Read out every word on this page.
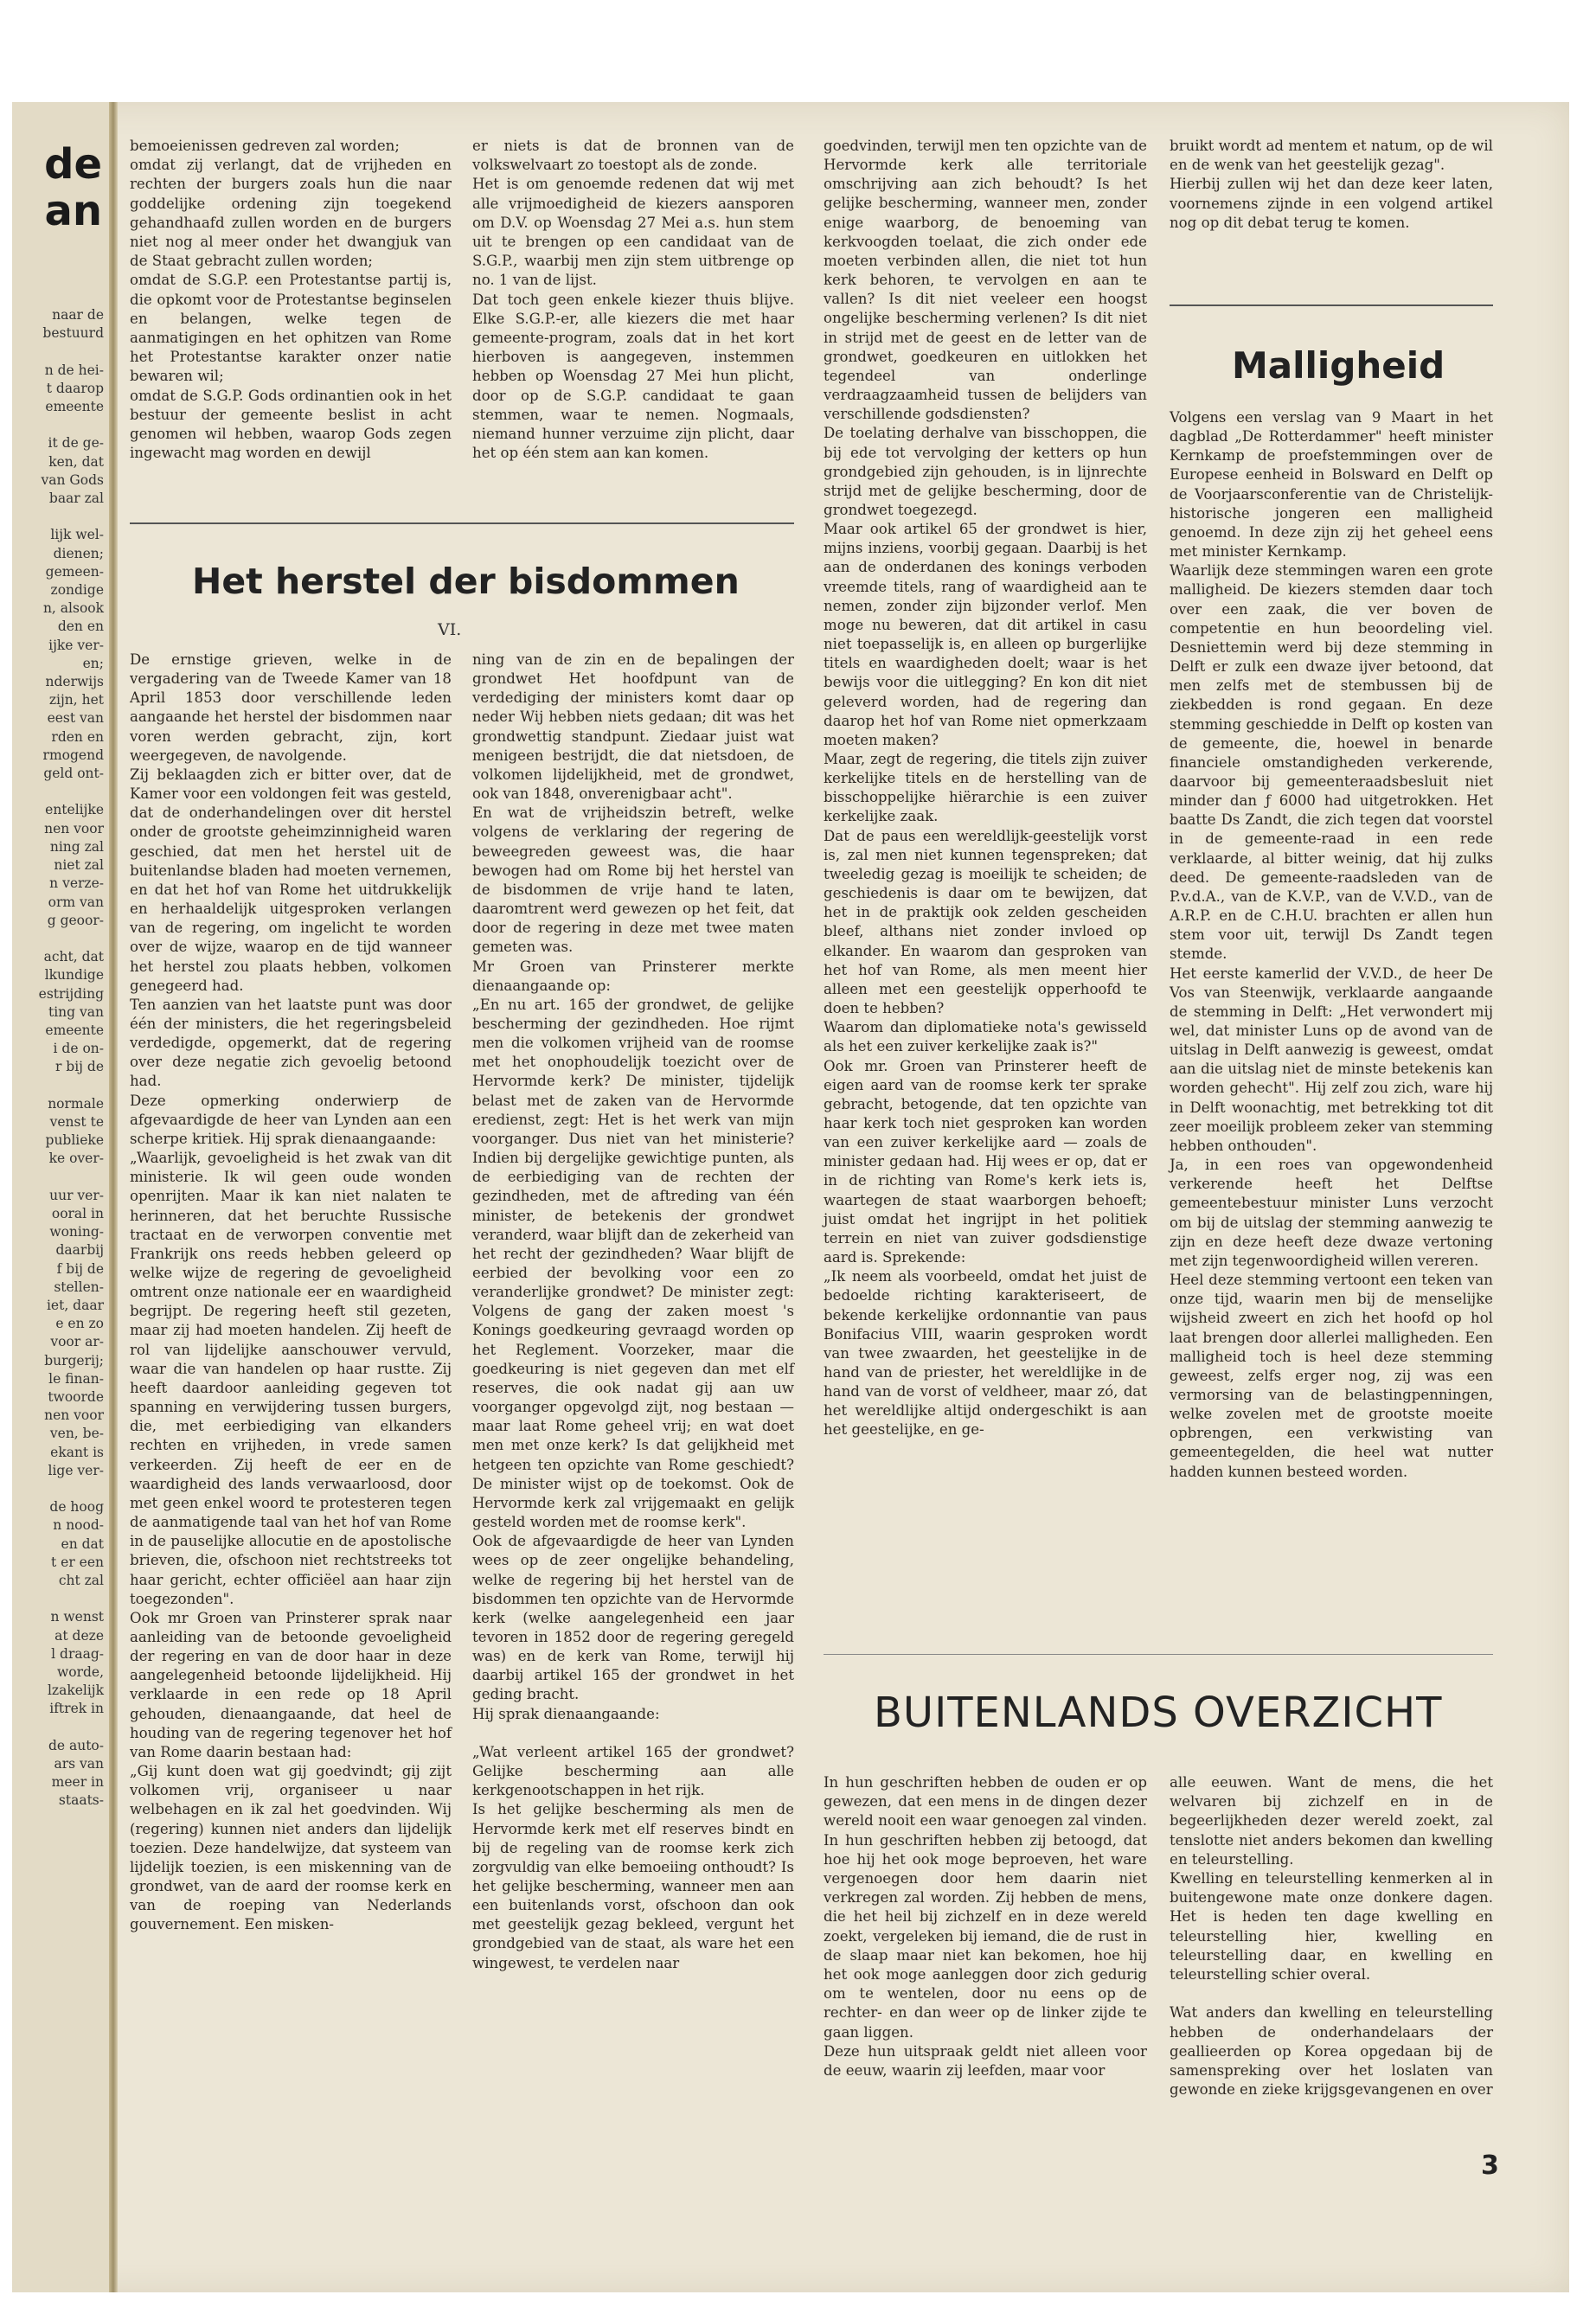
de
an
naar de
bestuurd

n de hei-
t daarop
emeente

it de ge-
ken, dat
van Gods
baar zal

lijk wel-
dienen;
gemeen-
zondige
n, alsook
den en
ijke ver-
en;
nderwijs
zijn, het
eest van
rden en
rmogend
geld ont-

entelijke
nen voor
ning zal
niet zal
n verze-
orm van
g geoor-

acht, dat
lkundige
estrijding
ting van
emeente
i de on-
r bij de

normale
venst te
publieke
ke over-

uur ver-
ooral in
woning-
daarbij
f bij de
stellen-
iet, daar
e en zo
voor ar-
burgerij;
le finan-
twoorde
nen voor
ven, be-
ekant is
lige ver-

de hoog
n nood-
en dat
t er een
cht zal

n wenst
at deze
l draag-
worde,
lzakelijk
iftrek in

de auto-
ars van
meer in
staats-
bemoeienissen gedreven zal worden;
omdat zij verlangt, dat de vrijheden en rechten der burgers zoals hun die naar goddelijke ordening zijn toegekend gehandhaafd zullen worden en de burgers niet nog al meer onder het dwangjuk van de Staat gebracht zullen worden;
omdat de S.G.P. een Protestantse partij is, die opkomt voor de Protestantse beginselen en belangen, welke tegen de aanmatigingen en het ophitzen van Rome het Protestantse karakter onzer natie bewaren wil;
omdat de S.G.P. Gods ordinantien ook in het bestuur der gemeente beslist in acht genomen wil hebben, waarop Gods zegen ingewacht mag worden en dewijl
er niets is dat de bronnen van de volkswelvaart zo toestopt als de zonde.
Het is om genoemde redenen dat wij met alle vrijmoedigheid de kiezers aansporen om D.V. op Woensdag 27 Mei a.s. hun stem uit te brengen op een candidaat van de S.G.P., waarbij men zijn stem uitbrenge op no. 1 van de lijst.
Dat toch geen enkele kiezer thuis blijve. Elke S.G.P.-er, alle kiezers die met haar gemeente-program, zoals dat in het kort hierboven is aangegeven, instemmen hebben op Woensdag 27 Mei hun plicht, door op de S.G.P. candidaat te gaan stemmen, waar te nemen. Nogmaals, niemand hunner verzuime zijn plicht, daar het op één stem aan kan komen.
Het herstel der bisdommen
VI.
De ernstige grieven, welke in de vergadering van de Tweede Kamer van 18 April 1853 door verschillende leden aangaande het herstel der bisdommen naar voren werden gebracht, zijn, kort weergegeven, de navolgende.
Zij beklaagden zich er bitter over, dat de Kamer voor een voldongen feit was gesteld, dat de onderhandelingen over dit herstel onder de grootste geheimzinnigheid waren geschied, dat men het herstel uit de buitenlandse bladen had moeten vernemen, en dat het hof van Rome het uitdrukkelijk en herhaaldelijk uitgesproken verlangen van de regering, om ingelicht te worden over de wijze, waarop en de tijd wanneer het herstel zou plaats hebben, volkomen genegeerd had.
Ten aanzien van het laatste punt was door één der ministers, die het regeringsbeleid verdedigde, opgemerkt, dat de regering over deze negatie zich gevoelig betoond had.
Deze opmerking onderwierp de afgevaardigde de heer van Lynden aan een scherpe kritiek. Hij sprak dienaangaande:
„Waarlijk, gevoeligheid is het zwak van dit ministerie. Ik wil geen oude wonden openrijten. Maar ik kan niet nalaten te herinneren, dat het beruchte Russische tractaat en de verworpen conventie met Frankrijk ons reeds hebben geleerd op welke wijze de regering de gevoeligheid omtrent onze nationale eer en waardigheid begrijpt. De regering heeft stil gezeten, maar zij had moeten handelen. Zij heeft de rol van lijdelijke aanschouwer vervuld, waar die van handelen op haar rustte. Zij heeft daardoor aanleiding gegeven tot spanning en verwijdering tussen burgers, die, met eerbiediging van elkanders rechten en vrijheden, in vrede samen verkeerden. Zij heeft de eer en de waardigheid des lands verwaarloosd, door met geen enkel woord te protesteren tegen de aanmatigende taal van het hof van Rome in de pauselijke allocutie en de apostolische brieven, die, ofschoon niet rechtstreeks tot haar gericht, echter officiëel aan haar zijn toegezonden".
Ook mr Groen van Prinsterer sprak naar aanleiding van de betoonde gevoeligheid der regering en van de door haar in deze aangelegenheid betoonde lijdelijkheid. Hij verklaarde in een rede op 18 April gehouden, dienaangaande, dat heel de houding van de regering tegenover het hof van Rome daarin bestaan had:
„Gij kunt doen wat gij goedvindt; gij zijt volkomen vrij, organiseer u naar welbehagen en ik zal het goedvinden. Wij (regering) kunnen niet anders dan lijdelijk toezien. Deze handelwijze, dat systeem van lijdelijk toezien, is een miskenning van de grondwet, van de aard der roomse kerk en van de roeping van Nederlands gouvernement. Een misken-
ning van de zin en de bepalingen der grondwet Het hoofdpunt van de verdediging der ministers komt daar op neder Wij hebben niets gedaan; dit was het grondwettig standpunt. Ziedaar juist wat menigeen bestrijdt, die dat nietsdoen, de volkomen lijdelijkheid, met de grondwet, ook van 1848, onverenigbaar acht".
En wat de vrijheidszin betreft, welke volgens de verklaring der regering de beweegreden geweest was, die haar bewogen had om Rome bij het herstel van de bisdommen de vrije hand te laten, daaromtrent werd gewezen op het feit, dat door de regering in deze met twee maten gemeten was.
Mr Groen van Prinsterer merkte dienaangaande op:
„En nu art. 165 der grondwet, de gelijke bescherming der gezindheden. Hoe rijmt men die volkomen vrijheid van de roomse met het onophoudelijk toezicht over de Hervormde kerk? De minister, tijdelijk belast met de zaken van de Hervormde eredienst, zegt: Het is het werk van mijn voorganger. Dus niet van het ministerie? Indien bij dergelijke gewichtige punten, als de eerbiediging van de rechten der gezindheden, met de aftreding van één minister, de betekenis der grondwet veranderd, waar blijft dan de zekerheid van het recht der gezindheden? Waar blijft de eerbied der bevolking voor een zo veranderlijke grondwet? De minister zegt: Volgens de gang der zaken moest 's Konings goedkeuring gevraagd worden op het Reglement. Voorzeker, maar die goedkeuring is niet gegeven dan met elf reserves, die ook nadat gij aan uw voorganger opgevolgd zijt, nog bestaan — maar laat Rome geheel vrij; en wat doet men met onze kerk? Is dat gelijkheid met hetgeen ten opzichte van Rome geschiedt? De minister wijst op de toekomst. Ook de Hervormde kerk zal vrijgemaakt en gelijk gesteld worden met de roomse kerk".
Ook de afgevaardigde de heer van Lynden wees op de zeer ongelijke behandeling, welke de regering bij het herstel van de bisdommen ten opzichte van de Hervormde kerk (welke aangelegenheid een jaar tevoren in 1852 door de regering geregeld was) en de kerk van Rome, terwijl hij daarbij artikel 165 der grondwet in het geding bracht.
Hij sprak dienaangaande:

„Wat verleent artikel 165 der grondwet? Gelijke bescherming aan alle kerkgenootschappen in het rijk.
Is het gelijke bescherming als men de Hervormde kerk met elf reserves bindt en bij de regeling van de roomse kerk zich zorgvuldig van elke bemoeiing onthoudt? Is het gelijke bescherming, wanneer men aan een buitenlands vorst, ofschoon dan ook met geestelijk gezag bekleed, vergunt het grondgebied van de staat, als ware het een wingewest, te verdelen naar
goedvinden, terwijl men ten opzichte van de Hervormde kerk alle territoriale omschrijving aan zich behoudt? Is het gelijke bescherming, wanneer men, zonder enige waarborg, de benoeming van kerkvoogden toelaat, die zich onder ede moeten verbinden allen, die niet tot hun kerk behoren, te vervolgen en aan te vallen? Is dit niet veeleer een hoogst ongelijke bescherming verlenen? Is dit niet in strijd met de geest en de letter van de grondwet, goedkeuren en uitlokken het tegendeel van onderlinge verdraagzaamheid tussen de belijders van verschillende godsdiensten?
De toelating derhalve van bisschoppen, die bij ede tot vervolging der ketters op hun grondgebied zijn gehouden, is in lijnrechte strijd met de gelijke bescherming, door de grondwet toegezegd.
Maar ook artikel 65 der grondwet is hier, mijns inziens, voorbij gegaan. Daarbij is het aan de onderdanen des konings verboden vreemde titels, rang of waardigheid aan te nemen, zonder zijn bijzonder verlof. Men moge nu beweren, dat dit artikel in casu niet toepasselijk is, en alleen op burgerlijke titels en waardigheden doelt; waar is het bewijs voor die uitlegging? En kon dit niet geleverd worden, had de regering dan daarop het hof van Rome niet opmerkzaam moeten maken?
Maar, zegt de regering, die titels zijn zuiver kerkelijke titels en de herstelling van de bisschoppelijke hiërarchie is een zuiver kerkelijke zaak.
Dat de paus een wereldlijk-geestelijk vorst is, zal men niet kunnen tegenspreken; dat tweeledig gezag is moeilijk te scheiden; de geschiedenis is daar om te bewijzen, dat het in de praktijk ook zelden gescheiden bleef, althans niet zonder invloed op elkander. En waarom dan gesproken van het hof van Rome, als men meent hier alleen met een geestelijk opperhoofd te doen te hebben?
Waarom dan diplomatieke nota's gewisseld als het een zuiver kerkelijke zaak is?"
Ook mr. Groen van Prinsterer heeft de eigen aard van de roomse kerk ter sprake gebracht, betogende, dat ten opzichte van haar kerk toch niet gesproken kan worden van een zuiver kerkelijke aard — zoals de minister gedaan had. Hij wees er op, dat er in de richting van Rome's kerk iets is, waartegen de staat waarborgen behoeft; juist omdat het ingrijpt in het politiek terrein en niet van zuiver godsdienstige aard is. Sprekende:
„Ik neem als voorbeeld, omdat het juist de bedoelde richting karakteriseert, de bekende kerkelijke ordonnantie van paus Bonifacius VIII, waarin gesproken wordt van twee zwaarden, het geestelijke in de hand van de priester, het wereldlijke in de hand van de vorst of veldheer, maar zó, dat het wereldlijke altijd ondergeschikt is aan het geestelijke, en ge-
bruikt wordt ad mentem et natum, op de wil en de wenk van het geestelijk gezag".
Hierbij zullen wij het dan deze keer laten, voornemens zijnde in een volgend artikel nog op dit debat terug te komen.
Malligheid
Volgens een verslag van 9 Maart in het dagblad „De Rotterdammer" heeft minister Kernkamp de proefstemmingen over de Europese eenheid in Bolsward en Delft op de Voorjaarsconferentie van de Christelijk-historische jongeren een malligheid genoemd. In deze zijn zij het geheel eens met minister Kernkamp.
Waarlijk deze stemmingen waren een grote malligheid. De kiezers stemden daar toch over een zaak, die ver boven de competentie en hun beoordeling viel. Desniettemin werd bij deze stemming in Delft er zulk een dwaze ijver betoond, dat men zelfs met de stembussen bij de ziekbedden is rond gegaan. En deze stemming geschiedde in Delft op kosten van de gemeente, die, hoewel in benarde financiele omstandigheden verkerende, daarvoor bij gemeenteraadsbesluit niet minder dan ƒ 6000 had uitgetrokken. Het baatte Ds Zandt, die zich tegen dat voorstel in de gemeente-raad in een rede verklaarde, al bitter weinig, dat hij zulks deed. De gemeente-raadsleden van de P.v.d.A., van de K.V.P., van de V.V.D., van de A.R.P. en de C.H.U. brachten er allen hun stem voor uit, terwijl Ds Zandt tegen stemde.
Het eerste kamerlid der V.V.D., de heer De Vos van Steenwijk, verklaarde aangaande de stemming in Delft: „Het verwondert mij wel, dat minister Luns op de avond van de uitslag in Delft aanwezig is geweest, omdat aan die uitslag niet de minste betekenis kan worden gehecht". Hij zelf zou zich, ware hij in Delft woonachtig, met betrekking tot dit zeer moeilijk probleem zeker van stemming hebben onthouden".
Ja, in een roes van opgewondenheid verkerende heeft het Delftse gemeentebestuur minister Luns verzocht om bij de uitslag der stemming aanwezig te zijn en deze heeft deze dwaze vertoning met zijn tegenwoordigheid willen vereren.
Heel deze stemming vertoont een teken van onze tijd, waarin men bij de menselijke wijsheid zweert en zich het hoofd op hol laat brengen door allerlei malligheden. Een malligheid toch is heel deze stemming geweest, zelfs erger nog, zij was een vermorsing van de belastingpenningen, welke zovelen met de grootste moeite opbrengen, een verkwisting van gemeentegelden, die heel wat nutter hadden kunnen besteed worden.
BUITENLANDS OVERZICHT
In hun geschriften hebben de ouden er op gewezen, dat een mens in de dingen dezer wereld nooit een waar genoegen zal vinden. In hun geschriften hebben zij betoogd, dat hoe hij het ook moge beproeven, het ware vergenoegen door hem daarin niet verkregen zal worden. Zij hebben de mens, die het heil bij zichzelf en in deze wereld zoekt, vergeleken bij iemand, die de rust in de slaap maar niet kan bekomen, hoe hij het ook moge aanleggen door zich gedurig om te wentelen, door nu eens op de rechter- en dan weer op de linker zijde te gaan liggen.
Deze hun uitspraak geldt niet alleen voor de eeuw, waarin zij leefden, maar voor
alle eeuwen. Want de mens, die het welvaren bij zichzelf en in de begeerlijkheden dezer wereld zoekt, zal tenslotte niet anders bekomen dan kwelling en teleurstelling.
Kwelling en teleurstelling kenmerken al in buitengewone mate onze donkere dagen. Het is heden ten dage kwelling en teleurstelling hier, kwelling en teleurstelling daar, en kwelling en teleurstelling schier overal.

Wat anders dan kwelling en teleurstelling hebben de onderhandelaars der geallieerden op Korea opgedaan bij de samenspreking over het loslaten van gewonde en zieke krijgsgevangenen en over
3
